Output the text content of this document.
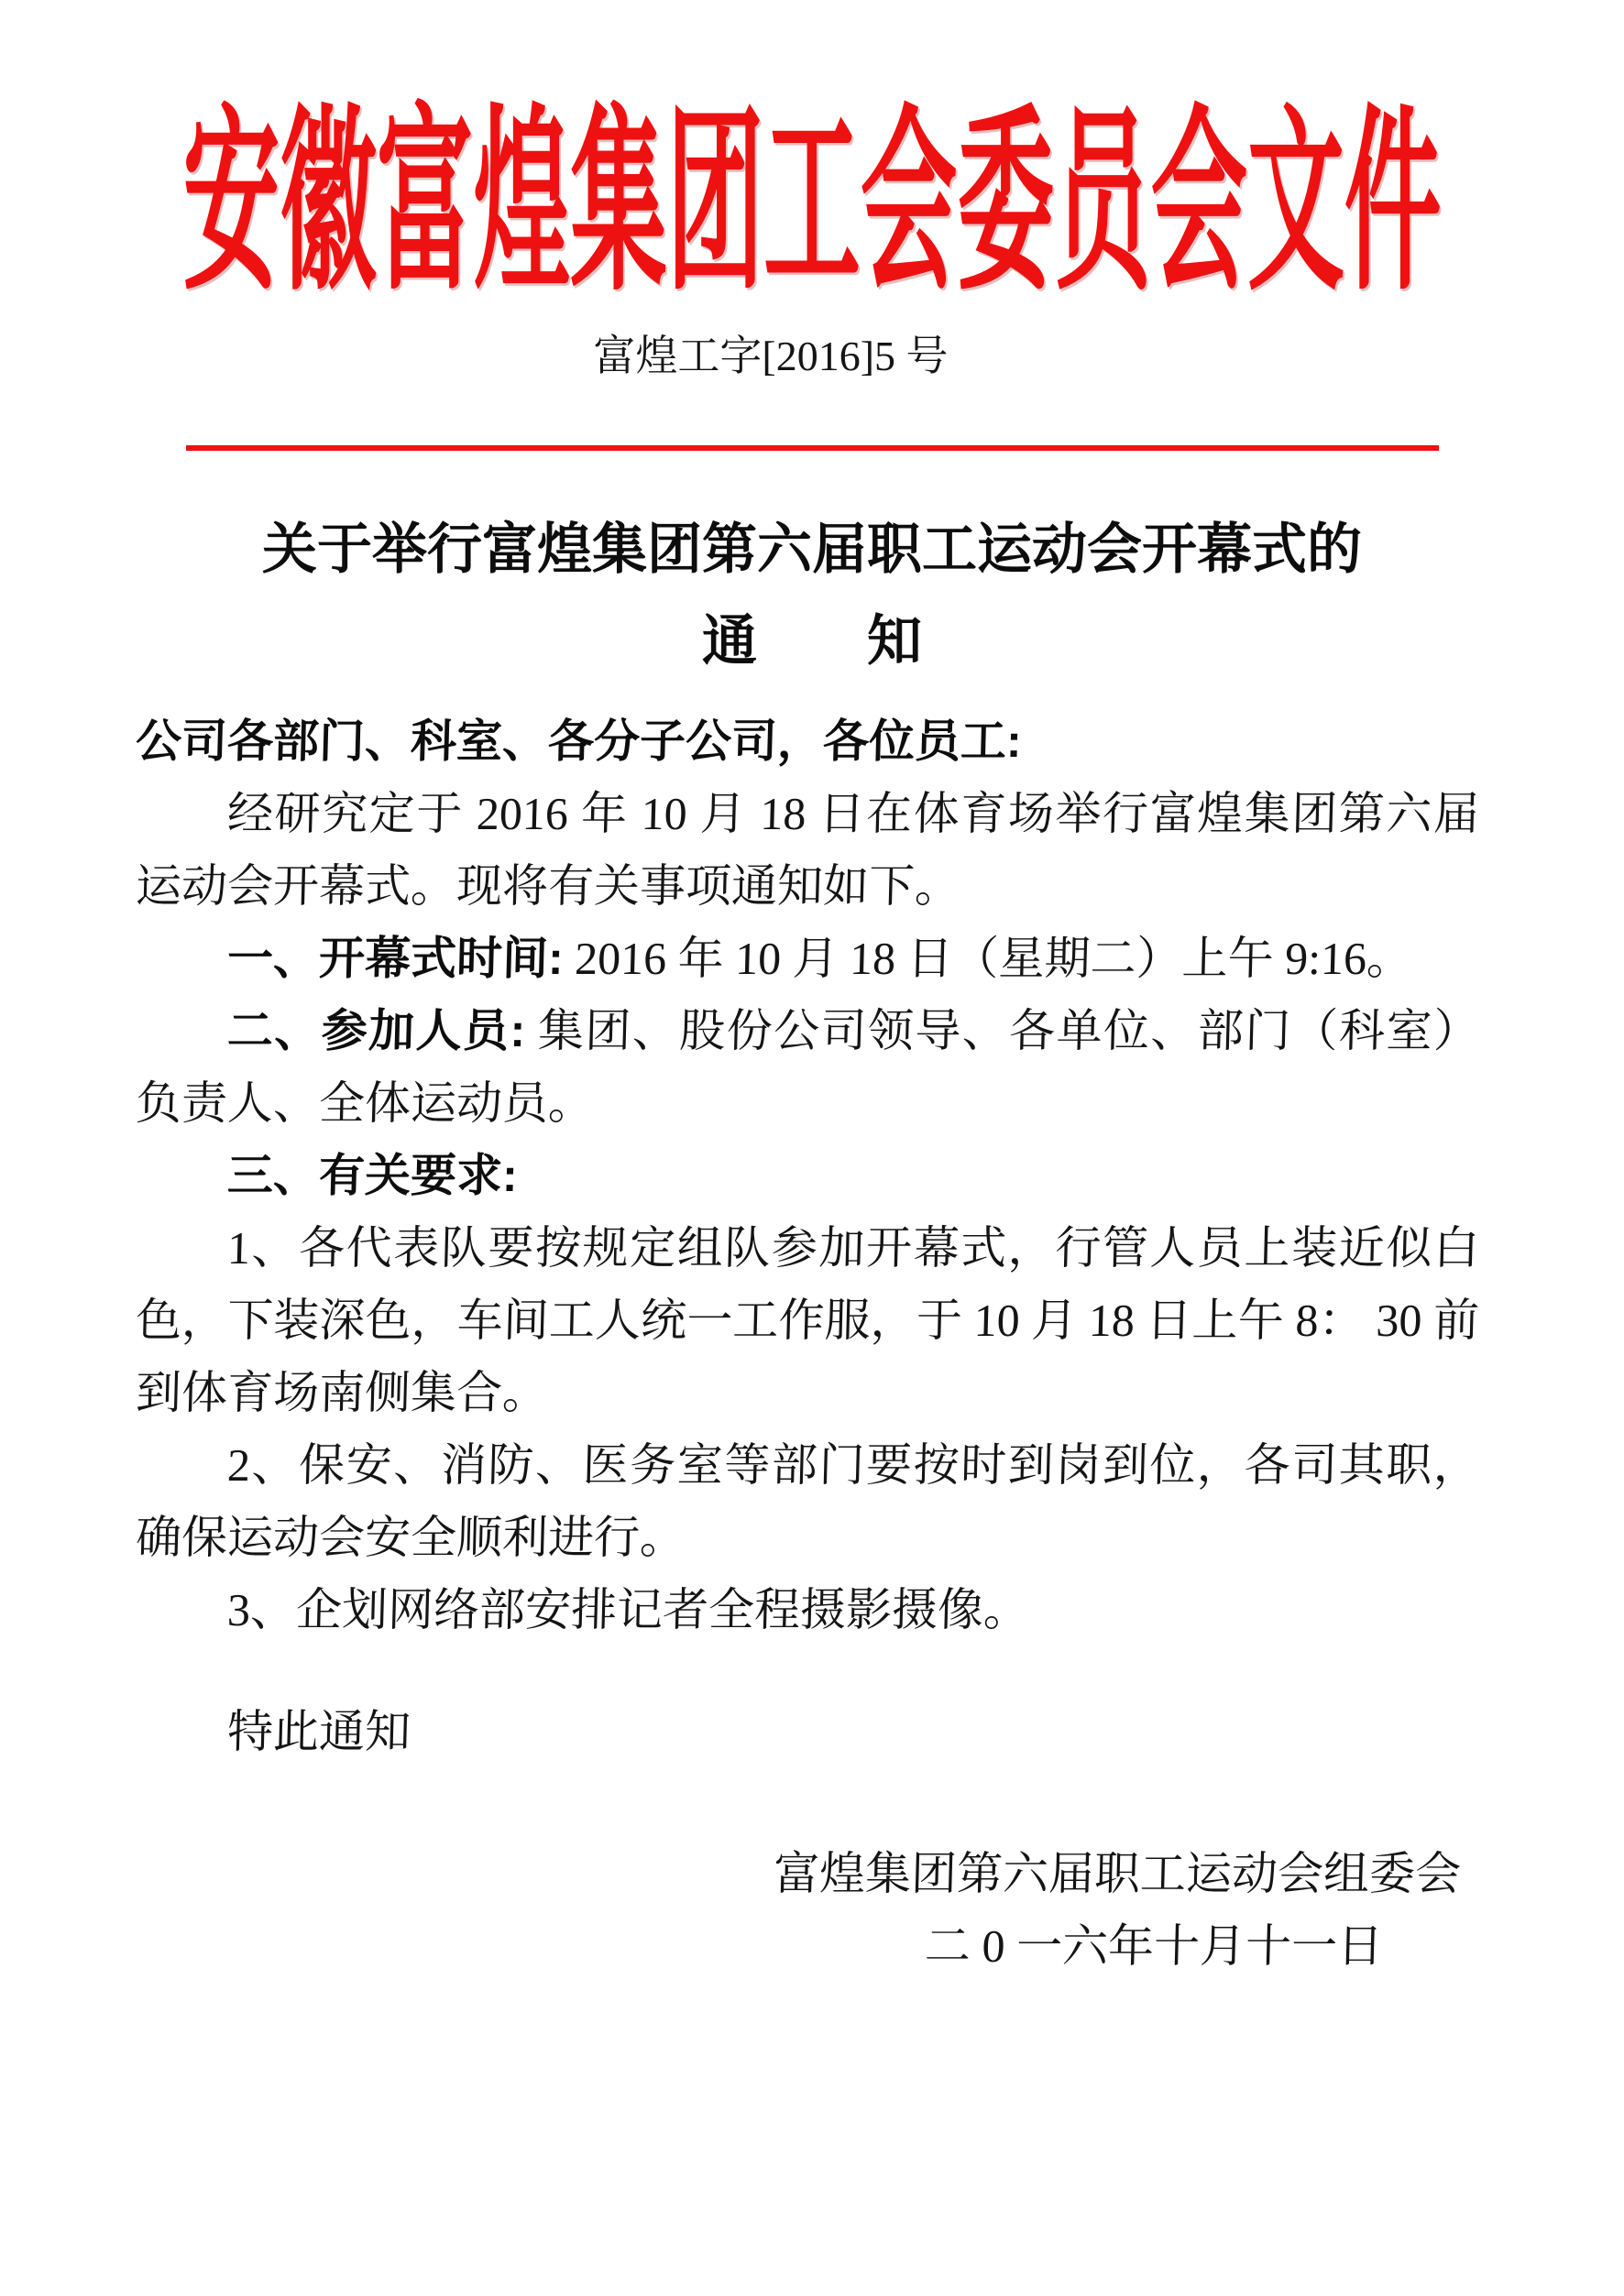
安徽富煌集团工会委员会文件
富煌工字[2016]5 号
关于举行富煌集团第六届职工运动会开幕式的
通　　知
公司各部门、科室、各分子公司，各位员工:
经研究定于 2016 年 10 月 18 日在体育场举行富煌集团第六届
运动会开幕式。现将有关事项通知如下。
一、开幕式时间: 2016 年 10 月 18 日（星期二）上午 9:16。
二、参加人员: 集团、股份公司领导、各单位、部门（科室）
负责人、全体运动员。
三、有关要求:
1、各代表队要按规定组队参加开幕式，行管人员上装近似白
色，下装深色，车间工人统一工作服，于 10 月 18 日上午 8： 30 前
到体育场南侧集合。
2、保安、消防、医务室等部门要按时到岗到位，各司其职，
确保运动会安全顺利进行。
3、企划网络部安排记者全程摄影摄像。
特此通知
富煌集团第六届职工运动会组委会
二 0 一六年十月十一日
